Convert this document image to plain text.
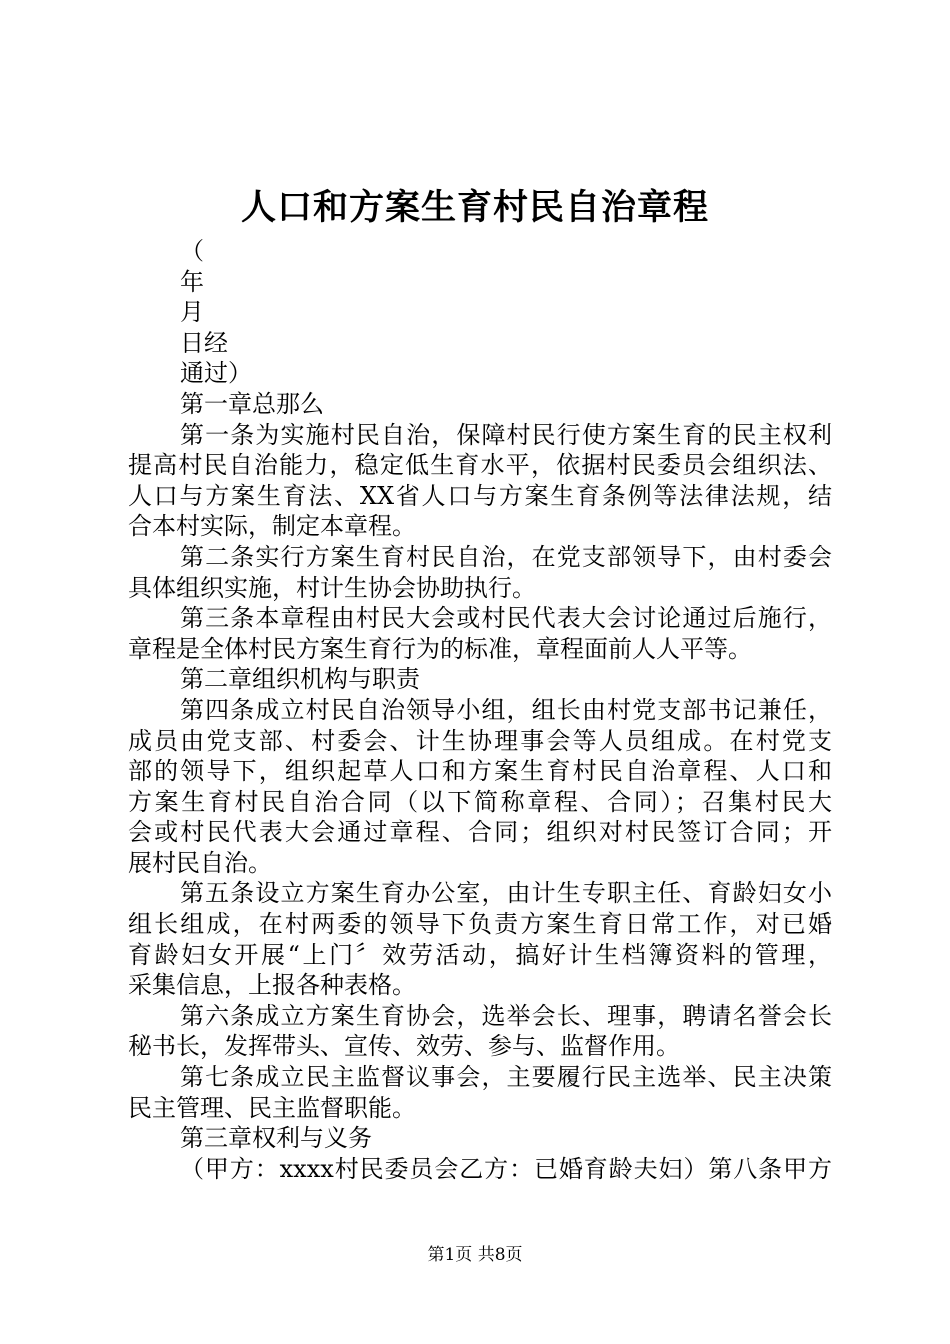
人口和方案生育村民自治章程
（
年
月
日经
通过）
第一章总那么
第一条为实施村民自治，保障村民行使方案生育的民主权利
提高村民自治能力，稳定低生育水平，依据村民委员会组织法、
人口与方案生育法、XX省人口与方案生育条例等法律法规，结
合本村实际，制定本章程。
第二条实行方案生育村民自治，在党支部领导下，由村委会
具体组织实施，村计生协会协助执行。
第三条本章程由村民大会或村民代表大会讨论通过后施行，
章程是全体村民方案生育行为的标准，章程面前人人平等。
第二章组织机构与职责
第四条成立村民自治领导小组，组长由村党支部书记兼任，
成员由党支部、村委会、计生协理事会等人员组成。在村党支
部的领导下，组织起草人口和方案生育村民自治章程、人口和
方案生育村民自治合同（以下简称章程、合同）；召集村民大
会或村民代表大会通过章程、合同；组织对村民签订合同；开
展村民自治。
第五条设立方案生育办公室，由计生专职主任、育龄妇女小
组长组成，在村两委的领导下负责方案生育日常工作，对已婚
育龄妇女开展“上门〞效劳活动，搞好计生档簿资料的管理，
采集信息，上报各种表格。
第六条成立方案生育协会，选举会长、理事，聘请名誉会长
秘书长，发挥带头、宣传、效劳、参与、监督作用。
第七条成立民主监督议事会，主要履行民主选举、民主决策
民主管理、民主监督职能。
第三章权利与义务
（甲方：xxxx村民委员会乙方：已婚育龄夫妇）第八条甲方
第1页 共8页
